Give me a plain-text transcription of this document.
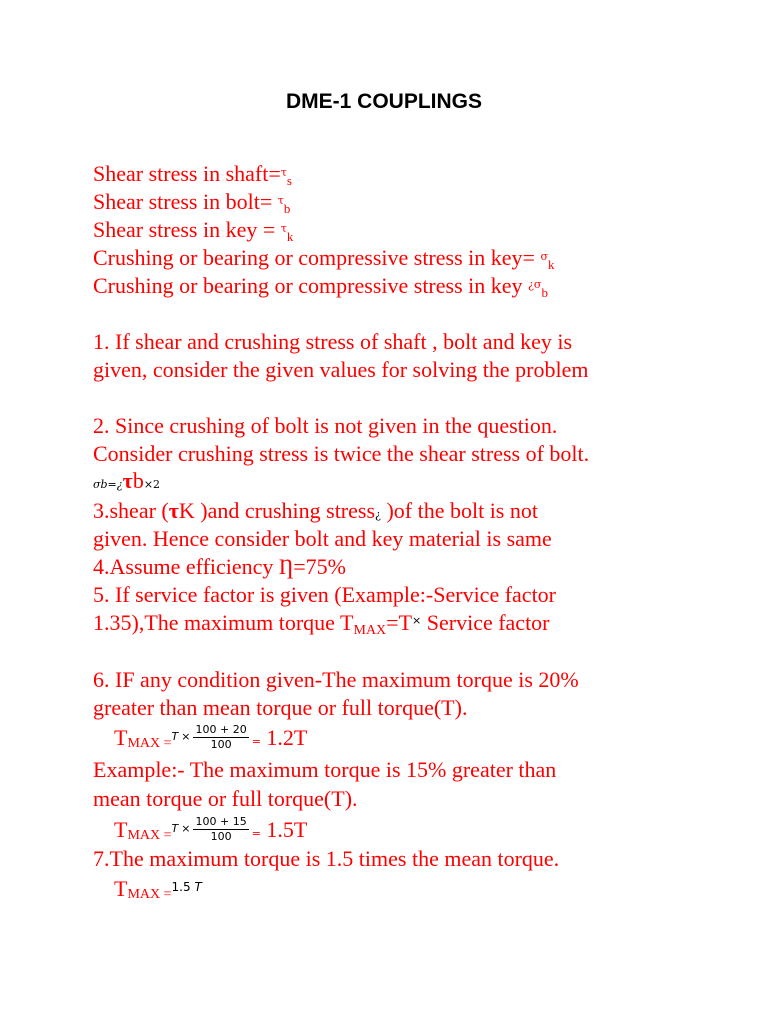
DME-1 COUPLINGS
Shear stress in shaft=$^\tau$s
Shear stress in bolt= $^\tau$b
Shear stress in key = $^\tau$k
Crushing or bearing or compressive stress in key= $^\sigma$k
Crushing or bearing or compressive stress in key $^{¿\sigma}$b
1. If shear and crushing stress of shaft , bolt and key is
given, consider the given values for solving the problem
2. Since crushing of bolt is not given in the question.
Consider crushing stress is twice the shear stress of bolt.
σb=¿τb×2
3.shear (τK )and crushing stress¿ )of the bolt is not
given. Hence consider bolt and key material is same
4.Assume efficiency Ƞ=75%
5. If service factor is given (Example:-Service factor
1.35),The maximum torque TMAX=T× Service factor
6. IF any condition given-The maximum torque is 20%
greater than mean torque or full torque(T).
TMAX =$^T$ $^\times \frac{100 + 20}{100} = 1.2T$
Example:- The maximum torque is 15% greater than
mean torque or full torque(T).
TMAX =$^T$ $^\times \frac{100 + 15}{100} = 1.5T$
7.The maximum torque is 1.5 times the mean torque.
TMAX =$^{1.5}$ $^T$
